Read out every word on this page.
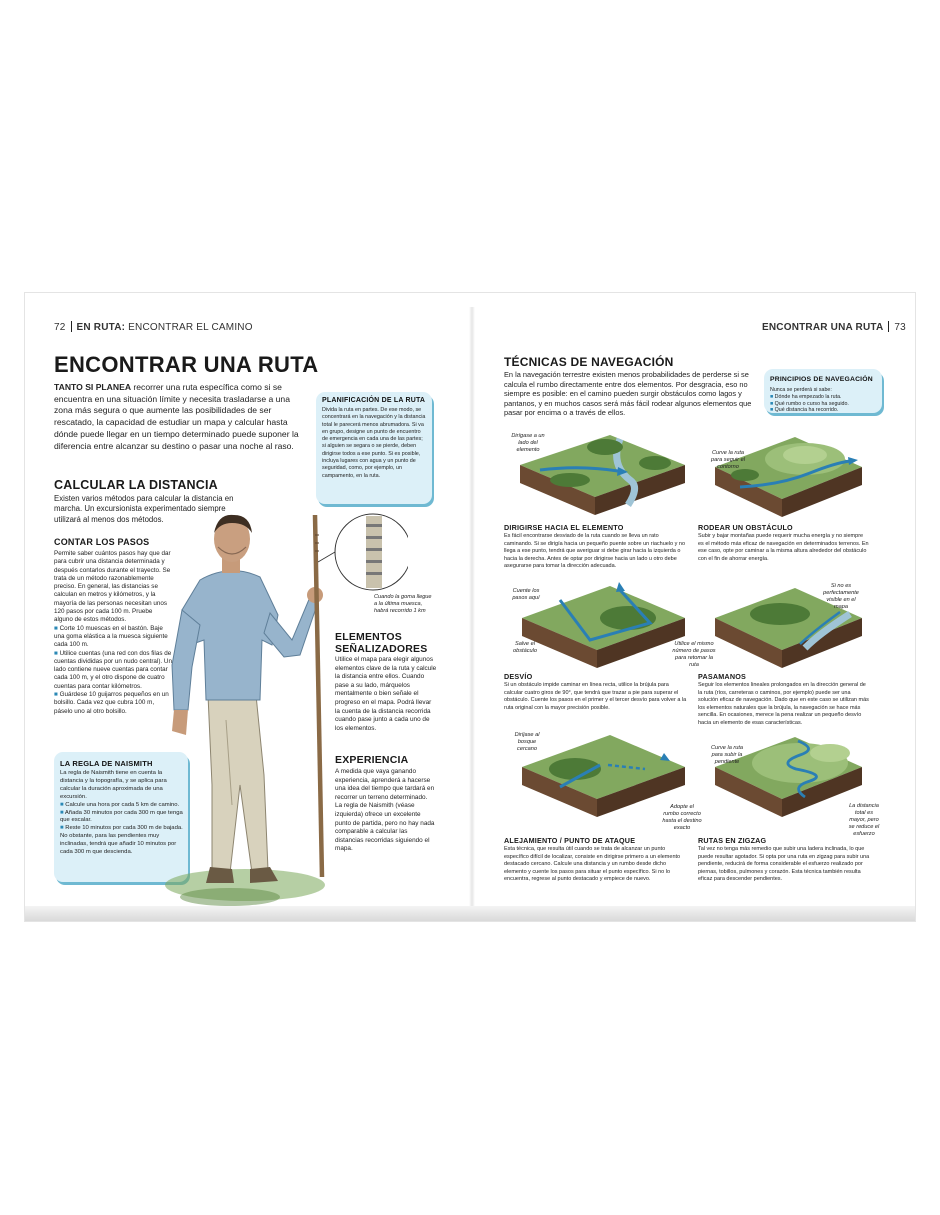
72 EN RUTA: ENCONTRAR EL CAMINO
ENCONTRAR UNA RUTA
TANTO SI PLANEA recorrer una ruta específica como si se encuentra en una situación límite y necesita trasladarse a una zona más segura o que aumente las posibilidades de ser rescatado, la capacidad de estudiar un mapa y calcular hasta dónde puede llegar en un tiempo determinado puede suponer la diferencia entre alcanzar su destino o pasar una noche al raso.
CALCULAR LA DISTANCIA
Existen varios métodos para calcular la distancia en marcha. Un excursionista experimentado siempre utilizará al menos dos métodos.
CONTAR LOS PASOS
Permite saber cuántos pasos hay que dar para cubrir una distancia determinada y después contarlos durante el trayecto. Se trata de un método razonablemente preciso. En general, las distancias se calculan en metros y kilómetros, y la mayoría de las personas necesitan unos 120 pasos por cada 100 m. Pruebe alguno de estos métodos.
■ Corte 10 muescas en el bastón. Baje una goma elástica a la muesca siguiente cada 100 m.
■ Utilice cuentas (una red con dos filas de cuentas divididas por un nudo central). Un lado contiene nueve cuentas para contar cada 100 m, y el otro dispone de cuatro cuentas para contar kilómetros.
■ Guárdese 10 guijarros pequeños en un bolsillo. Cada vez que cubra 100 m, páselo uno al otro bolsillo.
LA REGLA DE NAISMITH
La regla de Naismith tiene en cuenta la distancia y la topografía, y se aplica para calcular la duración aproximada de una excursión.
■ Calcule una hora por cada 5 km de camino.
■ Añada 30 minutos por cada 300 m que tenga que escalar.
■ Reste 10 minutos por cada 300 m de bajada. No obstante, para las pendientes muy inclinadas, tendrá que añadir 10 minutos por cada 300 m que descienda.
PLANIFICACIÓN DE LA RUTA
Divida la ruta en partes. De ese modo, se concentrará en la navegación y la distancia total le parecerá menos abrumadora. Si va en grupo, designe un punto de encuentro de emergencia en cada una de las partes; si alguien se segara o se pierde, deben dirigirse todos a ese punto. Si es posible, incluya lugares con agua y un punto de seguridad, como, por ejemplo, un campamento, en la ruta.
Cuando la goma llegue a la última muesca, habrá recorrido 1 km
ELEMENTOS SEÑALIZADORES
Utilice el mapa para elegir algunos elementos clave de la ruta y calcule la distancia entre ellos. Cuando pase a su lado, márquelos mentalmente o bien señale el progreso en el mapa. Podrá llevar la cuenta de la distancia recorrida cuando pase junto a cada uno de los elementos.
EXPERIENCIA
A medida que vaya ganando experiencia, aprenderá a hacerse una idea del tiempo que tardará en recorrer un terreno determinado. La regla de Naismith (véase izquierda) ofrece un excelente punto de partida, pero no hay nada comparable a calcular las distancias recorridas siguiendo el mapa.
ENCONTRAR UNA RUTA 73
TÉCNICAS DE NAVEGACIÓN
En la navegación terrestre existen menos probabilidades de perderse si se calcula el rumbo directamente entre dos elementos. Por desgracia, eso no siempre es posible: en el camino pueden surgir obstáculos como lagos y pantanos, y en muchos casos será más fácil rodear algunos elementos que pasar por encima o a través de ellos.
PRINCIPIOS DE NAVEGACIÓN
Nunca se perderá si sabe:
■ Dónde ha empezado la ruta.
■ Qué rumbo o curso ha seguido.
■ Qué distancia ha recorrido.
Dirígase a un lado del elemento	Curve la ruta para seguir el contorno
DIRIGIRSE HACIA EL ELEMENTO
Es fácil encontrarse desviado de la ruta cuando se lleva un rato caminando. Si se dirigía hacia un pequeño puente sobre un riachuelo y no llega a ese punto, tendrá que averiguar si debe girar hacia la izquierda o hacia la derecha. Antes de optar por dirigirse hacia un lado u otro debe asegurarse para tomar la dirección adecuada.
RODEAR UN OBSTÁCULO
Subir y bajar montañas puede requerir mucha energía y no siempre es el método más eficaz de navegación en determinados terrenos. En ese caso, opte por caminar a la misma altura alrededor del obstáculo con el fin de ahorrar energía.
Cuente los pasos aquí
Salve el obstáculo
Utilice el mismo número de pasos para retomar la ruta
Si no es perfectamente visible en el mapa
DESVÍO
Si un obstáculo impide caminar en línea recta, utilice la brújula para calcular cuatro giros de 90°, que tendrá que trazar a pie para superar el obstáculo. Cuente los pasos en el primer y el tercer desvío para volver a la ruta original con la mayor precisión posible.
PASAMANOS
Seguir los elementos lineales prolongados en la dirección general de la ruta (ríos, carreteras o caminos, por ejemplo) puede ser una solución eficaz de navegación. Dado que en este caso se utilizan más los elementos naturales que la brújula, la navegación se hace más sencilla. En ocasiones, merece la pena realizar un pequeño desvío hacia un elemento de esas características.
Diríjase al bosque cercano
Adopte el rumbo correcto hasta el destino exacto
Curve la ruta para subir la pendiente
La distancia total es mayor, pero se reduce el esfuerzo
ALEJAMIENTO / PUNTO DE ATAQUE
Esta técnica, que resulta útil cuando se trata de alcanzar un punto específico difícil de localizar, consiste en dirigirse primero a un elemento destacado cercano. Calcule una distancia y un rumbo desde dicho elemento y cuente los pasos para situar el punto específico. Si no lo encuentra, regrese al punto destacado y empiece de nuevo.
RUTAS EN ZIGZAG
Tal vez no tenga más remedio que subir una ladera inclinada, lo que puede resultar agotador. Si opta por una ruta en zigzag para subir una pendiente, reducirá de forma considerable el esfuerzo realizado por piernas, tobillos, pulmones y corazón. Esta técnica también resulta eficaz para descender pendientes.
